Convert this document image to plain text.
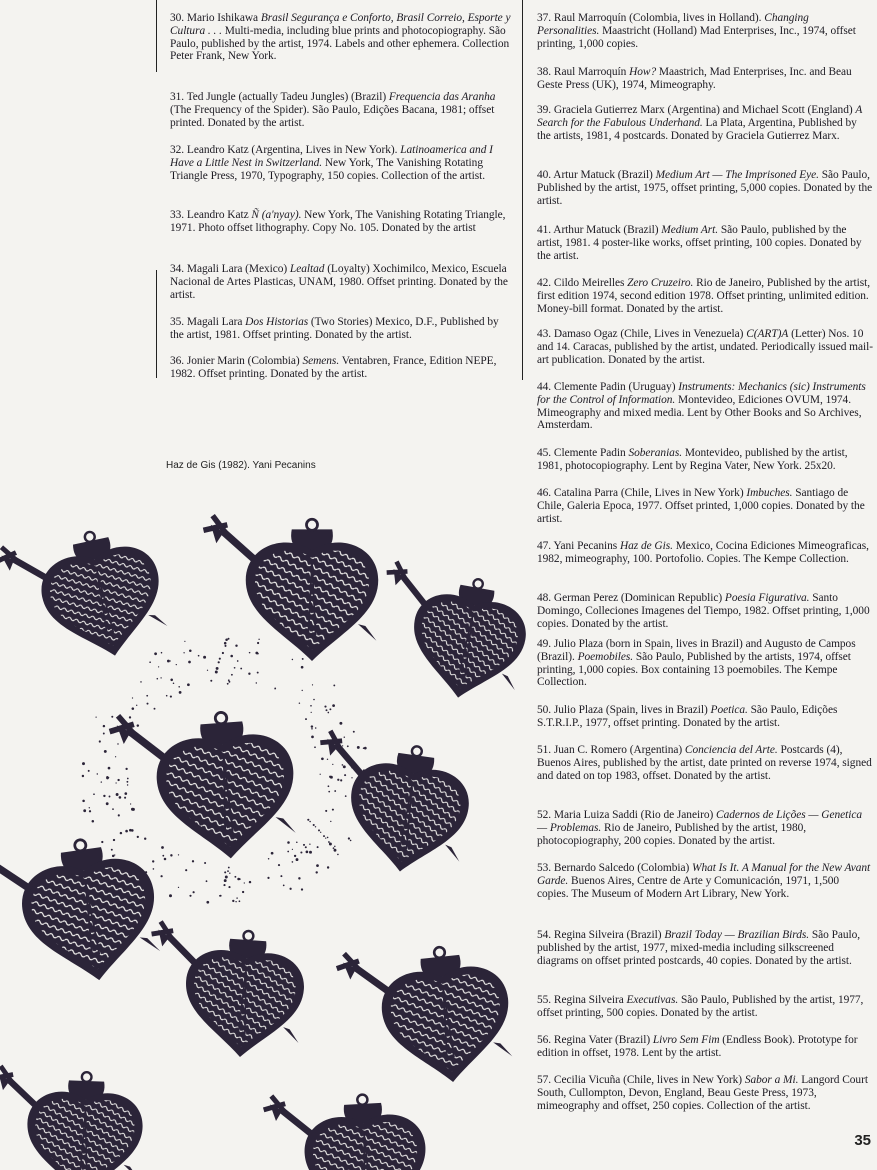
30. Mario Ishikawa Brasil Segurança e Conforto, Brasil Correio, Esporte y Cultura . . . Multi-media, including blue prints and photocopiography. São Paulo, published by the artist, 1974. Labels and other ephemera. Collection Peter Frank, New York.

31. Ted Jungle (actually Tadeu Jungles) (Brazil) Frequencia das Aranha (The Frequency of the Spider). São Paulo, Edições Bacana, 1981; offset printed. Donated by the artist.

32. Leandro Katz (Argentina, Lives in New York). Latinoamerica and I Have a Little Nest in Switzerland. New York, The Vanishing Rotating Triangle Press, 1970, Typography, 150 copies. Collection of the artist.

33. Leandro Katz Ñ (a'nyay). New York, The Vanishing Rotating Triangle, 1971. Photo offset lithography. Copy No. 105. Donated by the artist

34. Magali Lara (Mexico) Lealtad (Loyalty) Xochimilco, Mexico, Escuela Nacional de Artes Plasticas, UNAM, 1980. Offset printing. Donated by the artist.

35. Magali Lara Dos Historias (Two Stories) Mexico, D.F., Published by the artist, 1981. Offset printing. Donated by the artist.

36. Jonier Marin (Colombia) Semens. Ventabren, France, Edition NEPE, 1982. Offset printing. Donated by the artist.

37. Raul Marroquín (Colombia, lives in Holland). Changing Personalities. Maastricht (Holland) Mad Enterprises, Inc., 1974, offset printing, 1,000 copies.

38. Raul Marroquín How? Maastrich, Mad Enterprises, Inc. and Beau Geste Press (UK), 1974, Mimeography.

39. Graciela Gutierrez Marx (Argentina) and Michael Scott (England) A Search for the Fabulous Underhand. La Plata, Argentina, Published by the artists, 1981, 4 postcards. Donated by Graciela Gutierrez Marx.

40. Artur Matuck (Brazil) Medium Art — The Imprisoned Eye. São Paulo, Published by the artist, 1975, offset printing, 5,000 copies. Donated by the artist.

41. Arthur Matuck (Brazil) Medium Art. São Paulo, published by the artist, 1981. 4 poster-like works, offset printing, 100 copies. Donated by the artist.

42. Cildo Meirelles Zero Cruzeiro. Rio de Janeiro, Published by the artist, first edition 1974, second edition 1978. Offset printing, unlimited edition. Money-bill format. Donated by the artist.

43. Damaso Ogaz (Chile, Lives in Venezuela) C(ART)A (Letter) Nos. 10 and 14. Caracas, published by the artist, undated. Periodically issued mail-art publication. Donated by the artist.

44. Clemente Padin (Uruguay) Instruments: Mechanics (sic) Instruments for the Control of Information. Montevideo, Ediciones OVUM, 1974. Mimeography and mixed media. Lent by Other Books and So Archives, Amsterdam.

45. Clemente Padin Soberanias. Montevideo, published by the artist, 1981, photocopiography. Lent by Regina Vater, New York. 25x20.

46. Catalina Parra (Chile, Lives in New York) Imbuches. Santiago de Chile, Galeria Epoca, 1977. Offset printed, 1,000 copies. Donated by the artist.

47. Yani Pecanins Haz de Gis. Mexico, Cocina Ediciones Mimeograficas, 1982, mimeography, 100. Portofolio. Copies. The Kempe Collection.

48. German Perez (Dominican Republic) Poesia Figurativa. Santo Domingo, Colleciones Imagenes del Tiempo, 1982. Offset printing, 1,000 copies. Donated by the artist.

49. Julio Plaza (born in Spain, lives in Brazil) and Augusto de Campos (Brazil). Poemobiles. São Paulo, Published by the artists, 1974, offset printing, 1,000 copies. Box containing 13 poemobiles. The Kempe Collection.

50. Julio Plaza (Spain, lives in Brazil) Poetica. São Paulo, Edições S.T.R.I.P., 1977, offset printing. Donated by the artist.

51. Juan C. Romero (Argentina) Conciencia del Arte. Postcards (4), Buenos Aires, published by the artist, date printed on reverse 1974, signed and dated on top 1983, offset. Donated by the artist.

52. Maria Luiza Saddi (Rio de Janeiro) Cadernos de Lições — Genetica — Problemas. Rio de Janeiro, Published by the artist, 1980, photocopiography, 200 copies. Donated by the artist.

53. Bernardo Salcedo (Colombia) What Is It. A Manual for the New Avant Garde. Buenos Aires, Centre de Arte y Comunicación, 1971, 1,500 copies. The Museum of Modern Art Library, New York.

54. Regina Silveira (Brazil) Brazil Today — Brazilian Birds. São Paulo, published by the artist, 1977, mixed-media including silkscreened diagrams on offset printed postcards, 40 copies. Donated by the artist.

55. Regina Silveira Executivas. São Paulo, Published by the artist, 1977, offset printing, 500 copies. Donated by the artist.

56. Regina Vater (Brazil) Livro Sem Fim (Endless Book). Prototype for edition in offset, 1978. Lent by the artist.

57. Cecilia Vicuña (Chile, lives in New York) Sabor a Mi. Langord Court South, Cullompton, Devon, England, Beau Geste Press, 1973, mimeography and offset, 250 copies. Collection of the artist.

Haz de Gis (1982). Yani Pecanins
35
